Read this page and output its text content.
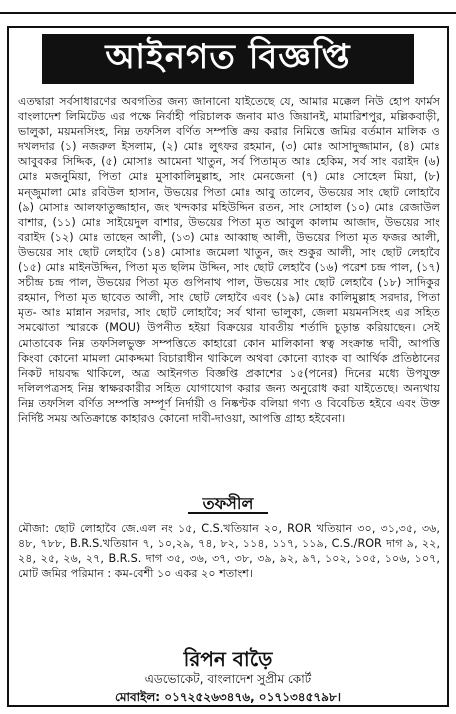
আইনগত বিজ্ঞপ্তি
এতদ্বারা সর্বসাধারণের অবগতির জন্য জানানো যাইতেছে যে, আমার মক্কেল নিউ হোপ ফার্মস বাংলাদেশ লিমিটেড এর পক্ষে নির্বাহী পরিচালক জনাব মাও জিয়ানই, মামারিশপুর, মল্লিকবাড়ী, ভালুকা, ময়মনসিংহ, নিম্ন তফসিল বর্ণিত সম্পত্তি ক্রয় করার নিমিত্তে জমির বর্তমান মালিক ও দখলদার (১) নজরুল ইসলাম, (২) মোঃ লুৎফর রহমান, (৩) মোঃ আসাদুজ্জামান, (৪) মোঃ আবুবকর সিদ্দিক, (৫) মোসাঃ আমেনা খাতুন, সর্ব পিতামৃত আঃ হেকিম, সর্ব সাং বরাইদ (৬) মোঃ মজনুমিয়া, পিতা মোঃ মুসাকালিমুল্লাহ, সাং মেনজেনা (৭) মোঃ সোহেল মিয়া, (৮) মন্জুমালা মোঃ রবিউল হাসান, উভয়ের পিতা মোঃ আবু তালেব, উভয়ের সাং ছোট লোহাবৈ (৯) মোসাঃ আলফাতুজ্জাহান, জং খন্দকার মহিউদ্দিন রতন, সাং সোহাল (১০) মোঃ রেজাউল বাশার, (১১) মোঃ সাইয়েদুল বাশার, উভয়ের পিতা মৃত আবুল কালাম আজাদ, উভয়ের সাং বরাইদ (১২) মোঃ তাছেন আলী, (১৩) মোঃ আব্বাছ আলী, উভয়ের পিতা মৃত ফজর আলী, উভয়ের সাং ছোট লেহাবৈ (১৪) মোসাঃ জমেলা খাতুন, জং শুকুর আলী, সাং ছোট লেহাবৈ (১৫) মোঃ মাইনউদ্দিন, পিতা মৃত ছলিম উদ্দিন, সাং ছোট লেহাবৈ (১৬) পরেশ চন্দ্র পাল, (১৭) সচীন্দ্র চন্দ্র পাল, উভয়ের পিতা মৃত গুপিনাথ পাল, উভয়ের সাং ছোট লেহাবৈ (১৮) সাদিকুর রহমান, পিতা মৃত ছাবেত আলী, সাং ছোট লেহাবৈ এবং (১৯) মোঃ কালিমুল্লাহ সরদার, পিতা মৃত- আঃ মান্নান সরদার, সাং ছোট লোহাবৈ; সর্ব থানা ভালুকা, জেলা ময়মনসিংহ এর সহিত সমঝোতা স্মারকে (MOU) উপনীত হইয়া বিক্রয়ের যাবতীয় শর্তাদি চূড়ান্ত করিয়াছেন। সেই মোতাবেক নিম্ন তফসিলভুক্ত সম্পত্তিতে কাহারো কোন মালিকানা স্বত্ব সংক্রান্ত দাবী, আপত্তি কিংবা কোনো মামলা মোকদ্দমা বিচারাধীন থাকিলে অথবা কোনো ব্যাংক বা আর্থিক প্রতিষ্ঠানের নিকট দায়বদ্ধ থাকিলে, অত্র আইনগত বিজ্ঞপ্তি প্রকাশের ১৫(পনের) দিনের মধ্যে উপযুক্ত দলিলপত্রসহ নিম্ন স্বাক্ষরকারীর সহিত যোগাযোগ করার জন্য অনুরোধ করা যাইতেছে। অন্যথায় নিম্ন তফসিল বর্ণিত সম্পত্তি সম্পূর্ণ নির্দায়ী ও নিষ্কণ্টক বলিয়া গণ্য ও বিবেচিত হইবে এবং উক্ত নির্দিষ্ট সময় অতিক্রান্তে কাহারও কোনো দাবী-দাওয়া, আপত্তি গ্রাহ্য হইবেনা।
তফসীল
মৌজা: ছোট লোহাবৈ জে.এল নং ১৫, C.S.খতিয়ান ২০, ROR খতিয়ান ৩০, ৩১,৩৫, ৩৬, ৪৮, ৭৮৮, B.R.S.খতিয়ান ৭, ১০,২৯, ৭৪, ৮২, ১১৪, ১১৭, ১১৯, C.S./ROR দাগ ৯, ২২, ২৪, ২৫, ২৬, ২৭, B.R.S. দাগ ৩৫, ৩৬, ৩৭, ৩৮, ৩৯, ৯২, ৯৭, ১০২, ১০৫, ১০৬, ১০৭, মোট জমির পরিমান : কম-বেশী ১০ একর ২০ শতাংশ।
রিপন বাড়ৈ
এডভোকেট, বাংলাদেশ সুপ্রীম কোর্ট
মোবাইল: ০১৭২৫২৬৩৪৭৬, ০১৭১৩৪৫৭৯৮।
